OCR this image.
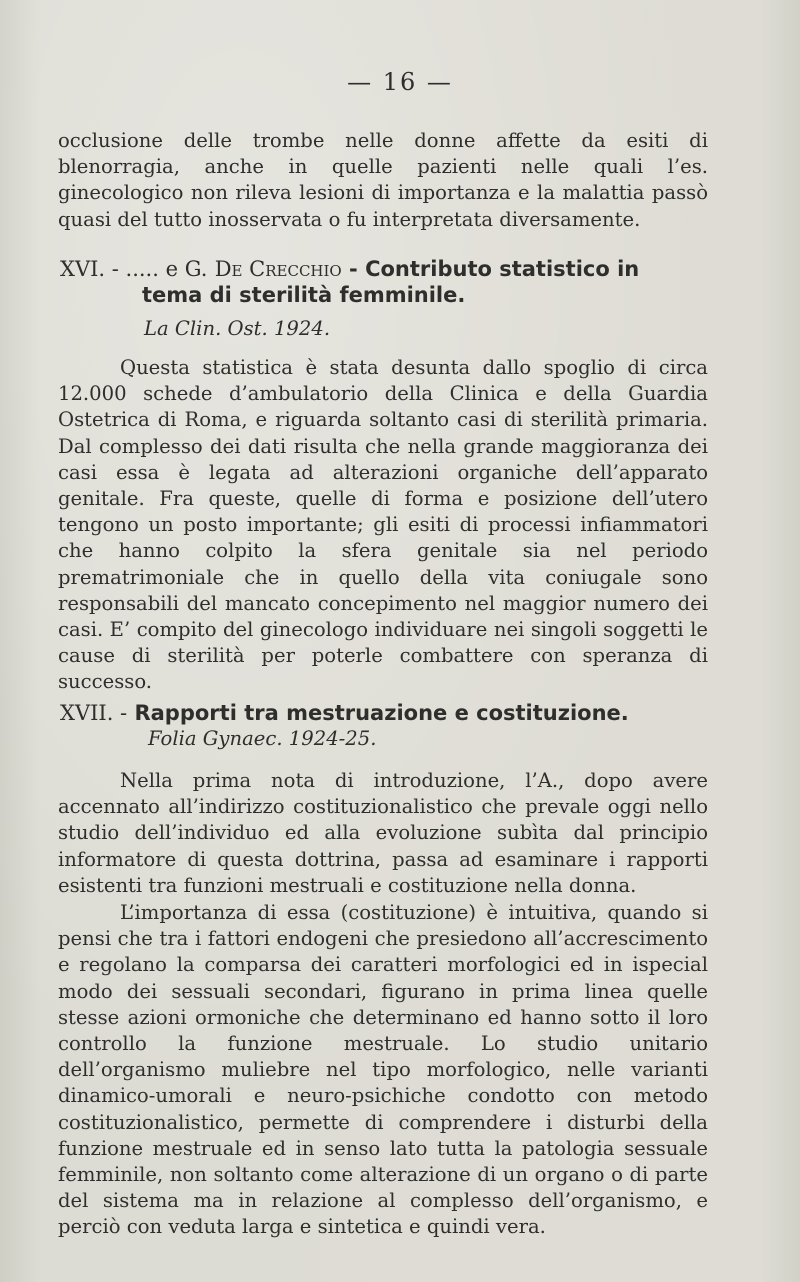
— 16 —

occlusione delle trombe nelle donne affette da esiti di blenorragia, anche in quelle pazienti nelle quali l’es. ginecologico non rileva lesioni di importanza e la malattia passò quasi del tutto inosservata o fu interpretata diversamente.

XVI. - ..... e G. De Crecchio - Contributo statistico in
tema di sterilità femminile.
La Clin. Ost. 1924.

Questa statistica è stata desunta dallo spoglio di circa 12.000 schede d’ambulatorio della Clinica e della Guardia Ostetrica di Roma, e riguarda soltanto casi di sterilità primaria. Dal complesso dei dati risulta che nella grande maggioranza dei casi essa è legata ad alterazioni organiche dell’apparato genitale. Fra queste, quelle di forma e posizione dell’utero tengono un posto importante; gli esiti di processi infiammatori che hanno colpito la sfera genitale sia nel periodo prematrimoniale che in quello della vita coniugale sono responsabili del mancato concepimento nel maggior numero dei casi. E’ compito del ginecologo individuare nei singoli soggetti le cause di sterilità per poterle combattere con speranza di successo.

XVII. - Rapporti tra mestruazione e costituzione.
Folia Gynaec. 1924-25.

Nella prima nota di introduzione, l’A., dopo avere accennato all’indirizzo costituzionalistico che prevale oggi nello studio dell’individuo ed alla evoluzione subìta dal principio informatore di questa dottrina, passa ad esaminare i rapporti esistenti tra funzioni mestruali e costituzione nella donna.

L’importanza di essa (costituzione) è intuitiva, quando si pensi che tra i fattori endogeni che presiedono all’accrescimento e regolano la comparsa dei caratteri morfologici ed in ispecial modo dei sessuali secondari, figurano in prima linea quelle stesse azioni ormoniche che determinano ed hanno sotto il loro controllo la funzione mestruale. Lo studio unitario dell’organismo muliebre nel tipo morfologico, nelle varianti dinamico-umorali e neuro-psichiche condotto con metodo costituzionalistico, permette di comprendere i disturbi della funzione mestruale ed in senso lato tutta la patologia sessuale femminile, non soltanto come alterazione di un organo o di parte del sistema ma in relazione al complesso dell’organismo, e perciò con veduta larga e sintetica e quindi vera.
